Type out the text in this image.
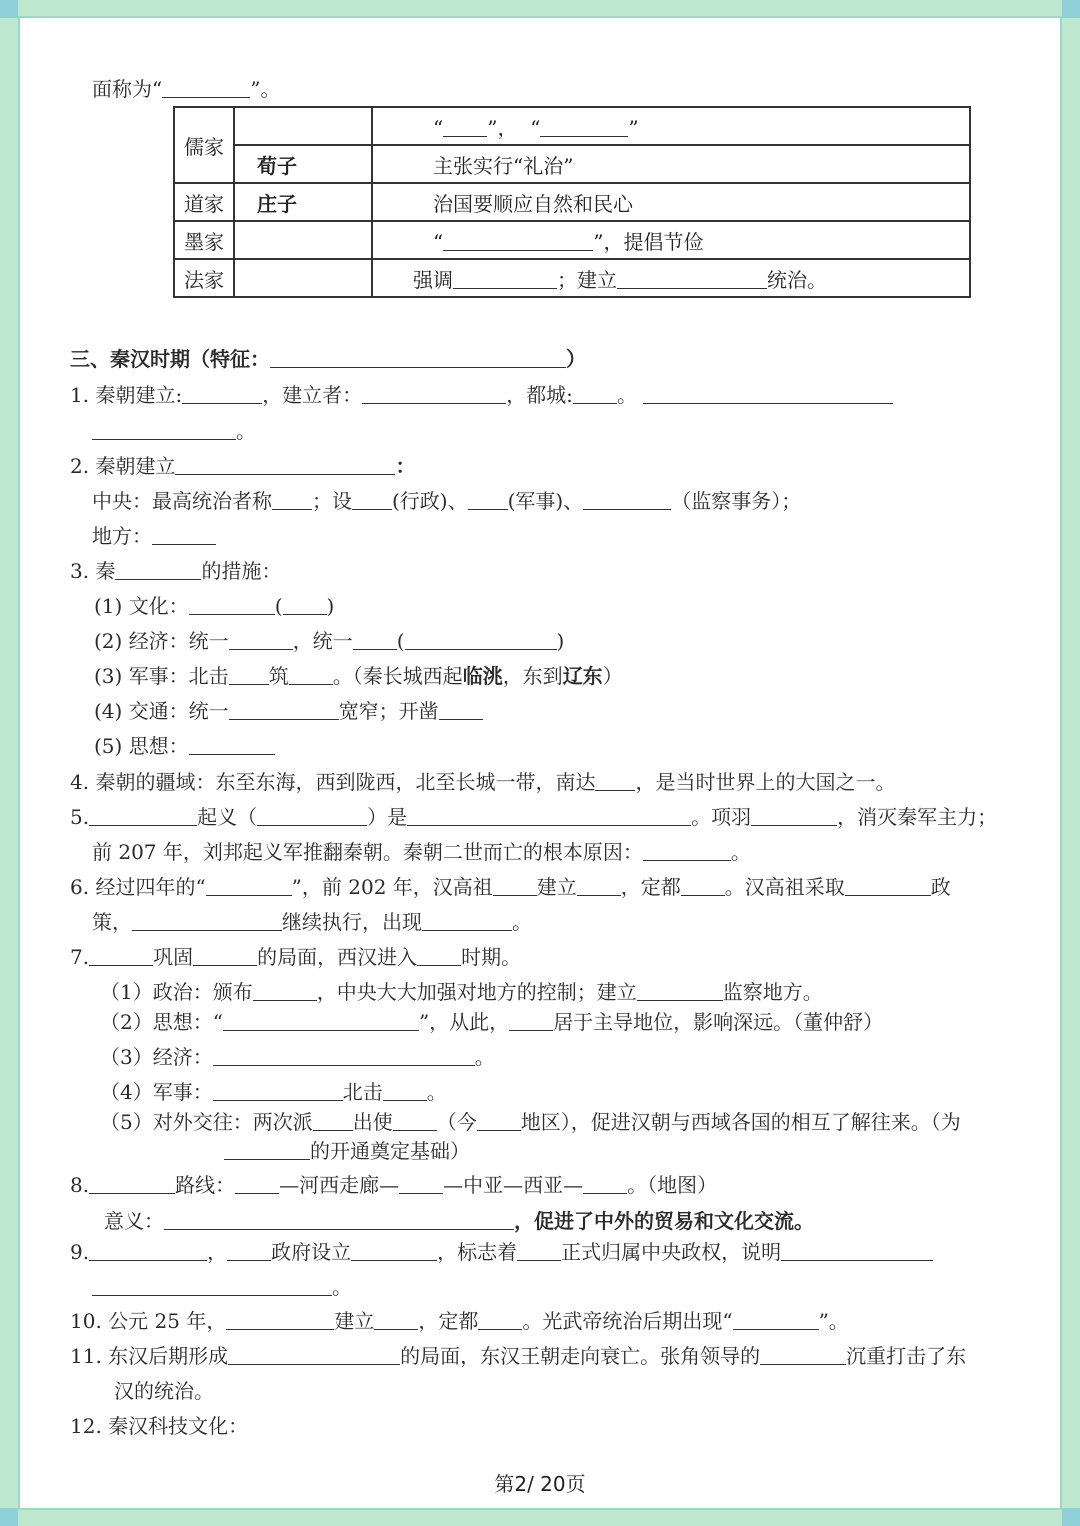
面称为“	”。
儒家		“ ”， “ ”
	荀子	主张实行“礼治”
道家	庄子	治国要顺应自然和民心
墨家		“ ”，提倡节俭
法家		强调 ；建立 统治。
三、秦汉时期（特征：	）
1. 秦朝建立:	，建立者：	，都城: 。
。
2. 秦朝建立	：
中央：最高统治者称 ；设 (行政)、 (军事)、	（监察事务）；
地方：
3. 秦	的措施：
(1) 文化：	( )
(2) 经济：统一	，统一 (	)
(3) 军事：北击 筑 。（秦长城西起临洮，东到辽东）
(4) 交通：统一	宽窄；开凿
(5) 思想：
4. 秦朝的疆域：东至东海，西到陇西，北至长城一带，南达 ，是当时世界上的大国之一。
5.	起义（	）是	。项羽	，消灭秦军主力；
前 207 年，刘邦起义军推翻秦朝。秦朝二世而亡的根本原因：	。
6. 经过四年的“	”，前 202 年，汉高祖 建立 ，定都 。汉高祖采取	政
策，	继续执行，出现	。
7.	巩固	的局面，西汉进入 时期。
（1）政治：颁布	，中央大大加强对地方的控制；建立	监察地方。
（2）思想：“	”，从此， 居于主导地位，影响深远。（董仲舒）
（3）经济：	。
（4）军事：	北击 。
（5）对外交往：两次派 出使 （今 地区），促进汉朝与西域各国的相互了解往来。（为
的开通奠定基础）
8.	路线： —河西走廊— —中亚—西亚— 。（地图）
意义：	，促进了中外的贸易和文化交流。
9.	， 政府设立	，标志着 正式归属中央政权，说明
。
10. 公元 25 年，	建立 ，定都 。光武帝统治后期出现“	”。
11. 东汉后期形成	的局面，东汉王朝走向衰亡。张角领导的	沉重打击了东
汉的统治。
12. 秦汉科技文化：
第2/ 20页
